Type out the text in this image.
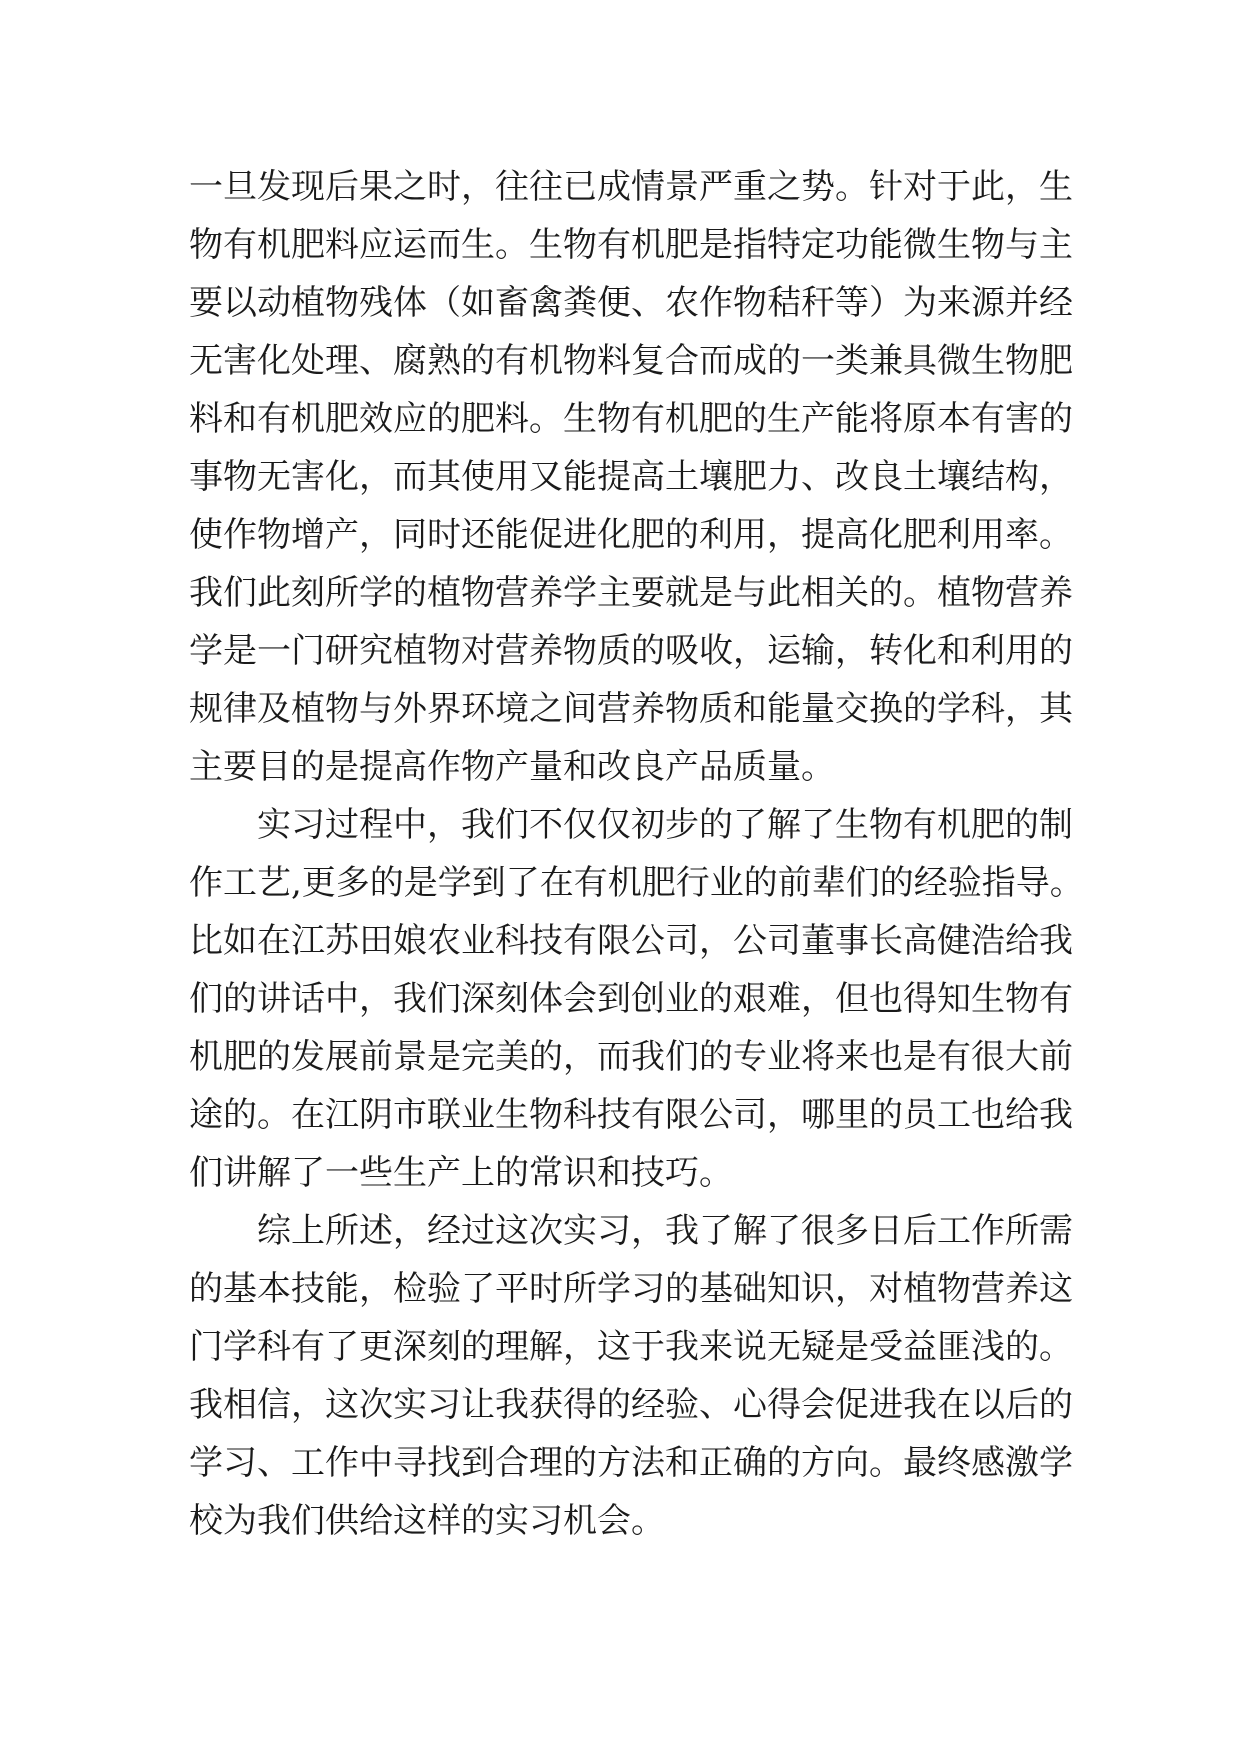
一旦发现后果之时，往往已成情景严重之势。针对于此，生
物有机肥料应运而生。生物有机肥是指特定功能微生物与主
要以动植物残体（如畜禽粪便、农作物秸秆等）为来源并经
无害化处理、腐熟的有机物料复合而成的一类兼具微生物肥
料和有机肥效应的肥料。生物有机肥的生产能将原本有害的
事物无害化，而其使用又能提高土壤肥力、改良土壤结构，
使作物增产，同时还能促进化肥的利用，提高化肥利用率。
我们此刻所学的植物营养学主要就是与此相关的。植物营养
学是一门研究植物对营养物质的吸收，运输，转化和利用的
规律及植物与外界环境之间营养物质和能量交换的学科，其
主要目的是提高作物产量和改良产品质量。
实习过程中，我们不仅仅初步的了解了生物有机肥的制
作工艺,更多的是学到了在有机肥行业的前辈们的经验指导。
比如在江苏田娘农业科技有限公司，公司董事长高健浩给我
们的讲话中，我们深刻体会到创业的艰难，但也得知生物有
机肥的发展前景是完美的，而我们的专业将来也是有很大前
途的。在江阴市联业生物科技有限公司，哪里的员工也给我
们讲解了一些生产上的常识和技巧。
综上所述，经过这次实习，我了解了很多日后工作所需
的基本技能，检验了平时所学习的基础知识，对植物营养这
门学科有了更深刻的理解，这于我来说无疑是受益匪浅的。
我相信，这次实习让我获得的经验、心得会促进我在以后的
学习、工作中寻找到合理的方法和正确的方向。最终感激学
校为我们供给这样的实习机会。
